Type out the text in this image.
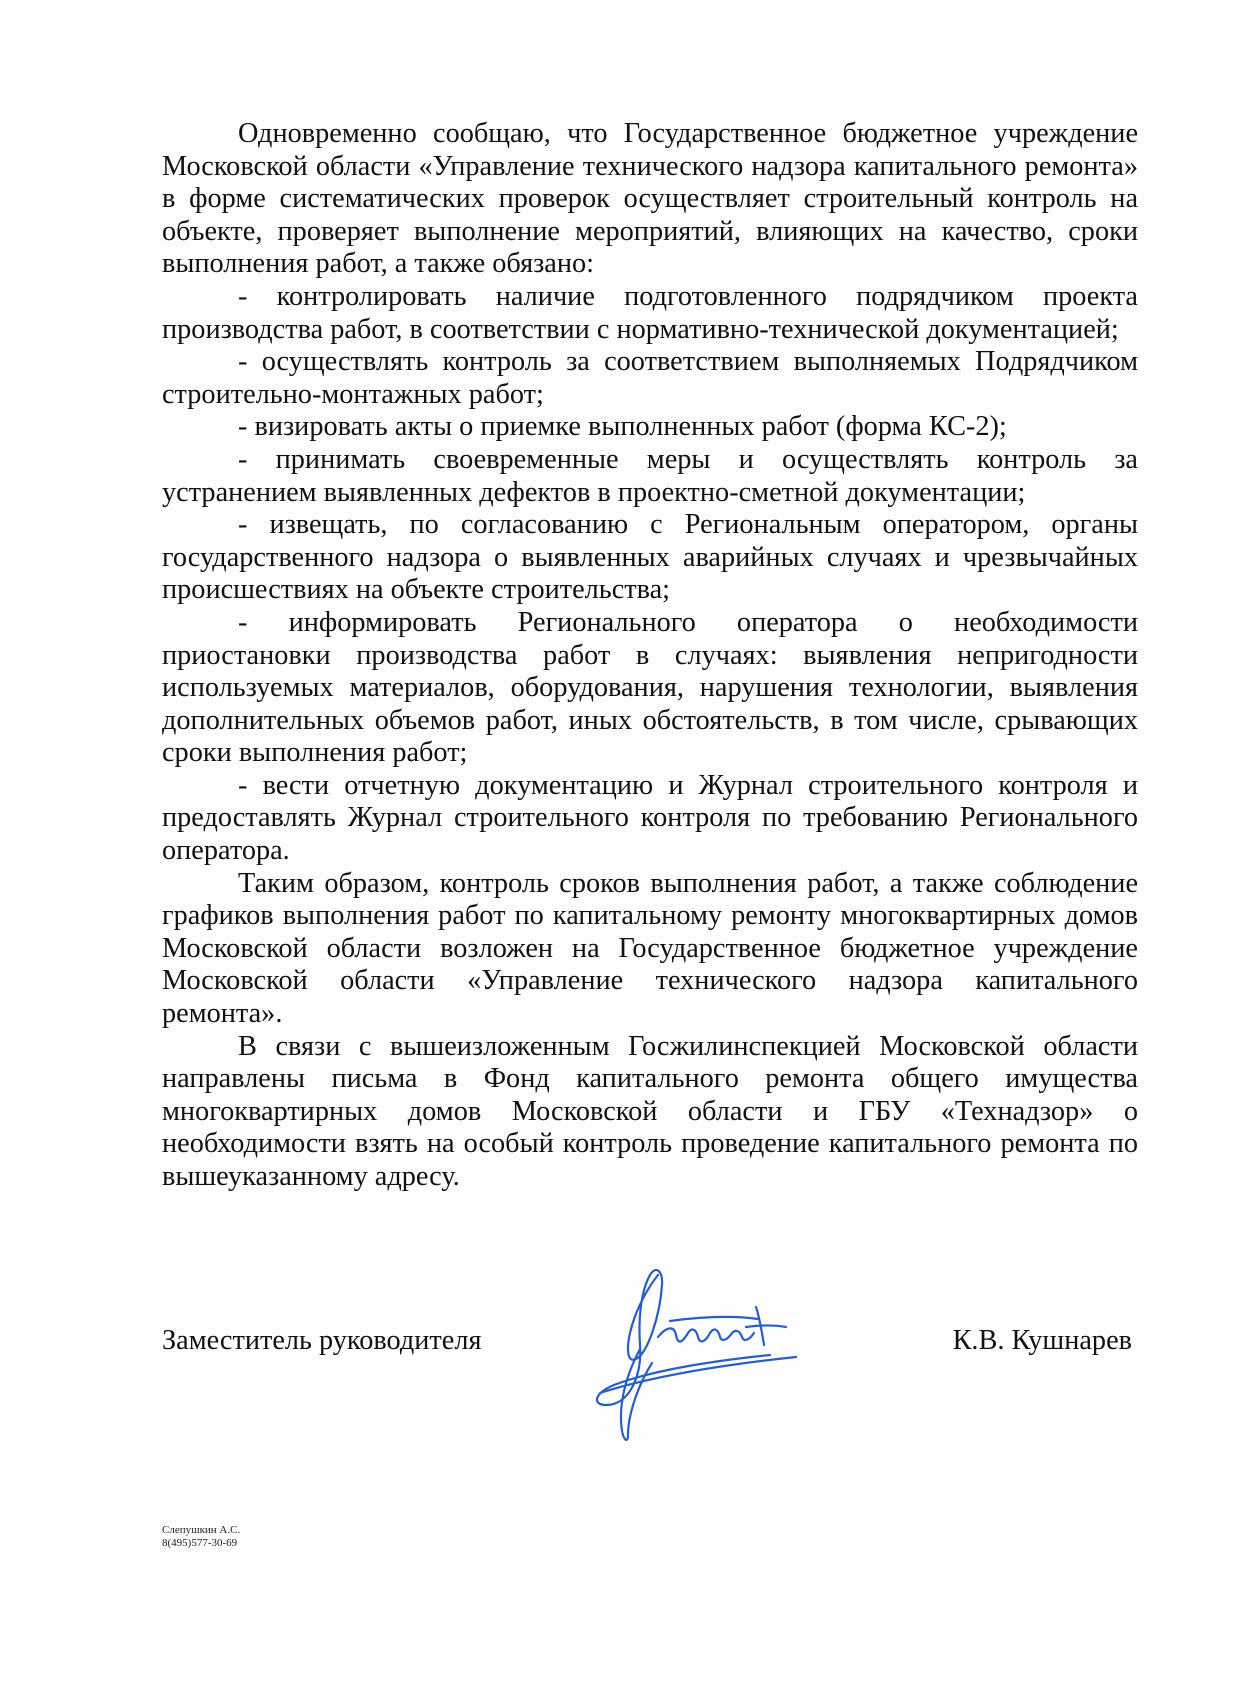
Одновременно сообщаю, что Государственное бюджетное учреждение Московской области «Управление технического надзора капитального ремонта» в форме систематических проверок осуществляет строительный контроль на объекте, проверяет выполнение мероприятий, влияющих на качество, сроки выполнения работ, а также обязано:

- контролировать наличие подготовленного подрядчиком проекта производства работ, в соответствии с нормативно-технической документацией;

- осуществлять контроль за соответствием выполняемых Подрядчиком строительно-монтажных работ;

- визировать акты о приемке выполненных работ (форма КС-2);

- принимать своевременные меры и осуществлять контроль за устранением выявленных дефектов в проектно-сметной документации;

- извещать, по согласованию с Региональным оператором, органы государственного надзора о выявленных аварийных случаях и чрезвычайных происшествиях на объекте строительства;

- информировать Регионального оператора о необходимости приостановки производства работ в случаях: выявления непригодности используемых материалов, оборудования, нарушения технологии, выявления дополнительных объемов работ, иных обстоятельств, в том числе, срывающих сроки выполнения работ;

- вести отчетную документацию и Журнал строительного контроля и предоставлять Журнал строительного контроля по требованию Регионального оператора.

Таким образом, контроль сроков выполнения работ, а также соблюдение графиков выполнения работ по капитальному ремонту многоквартирных домов Московской области возложен на Государственное бюджетное учреждение Московской области «Управление технического надзора капитального ремонта».

В связи с вышеизложенным Госжилинспекцией Московской области направлены письма в Фонд капитального ремонта общего имущества многоквартирных домов Московской области и ГБУ «Технадзор» о необходимости взять на особый контроль проведение капитального ремонта по вышеуказанному адресу.

Заместитель руководителя	К.В. Кушнарев
Слепушкин А.С.
8(495)577-30-69
